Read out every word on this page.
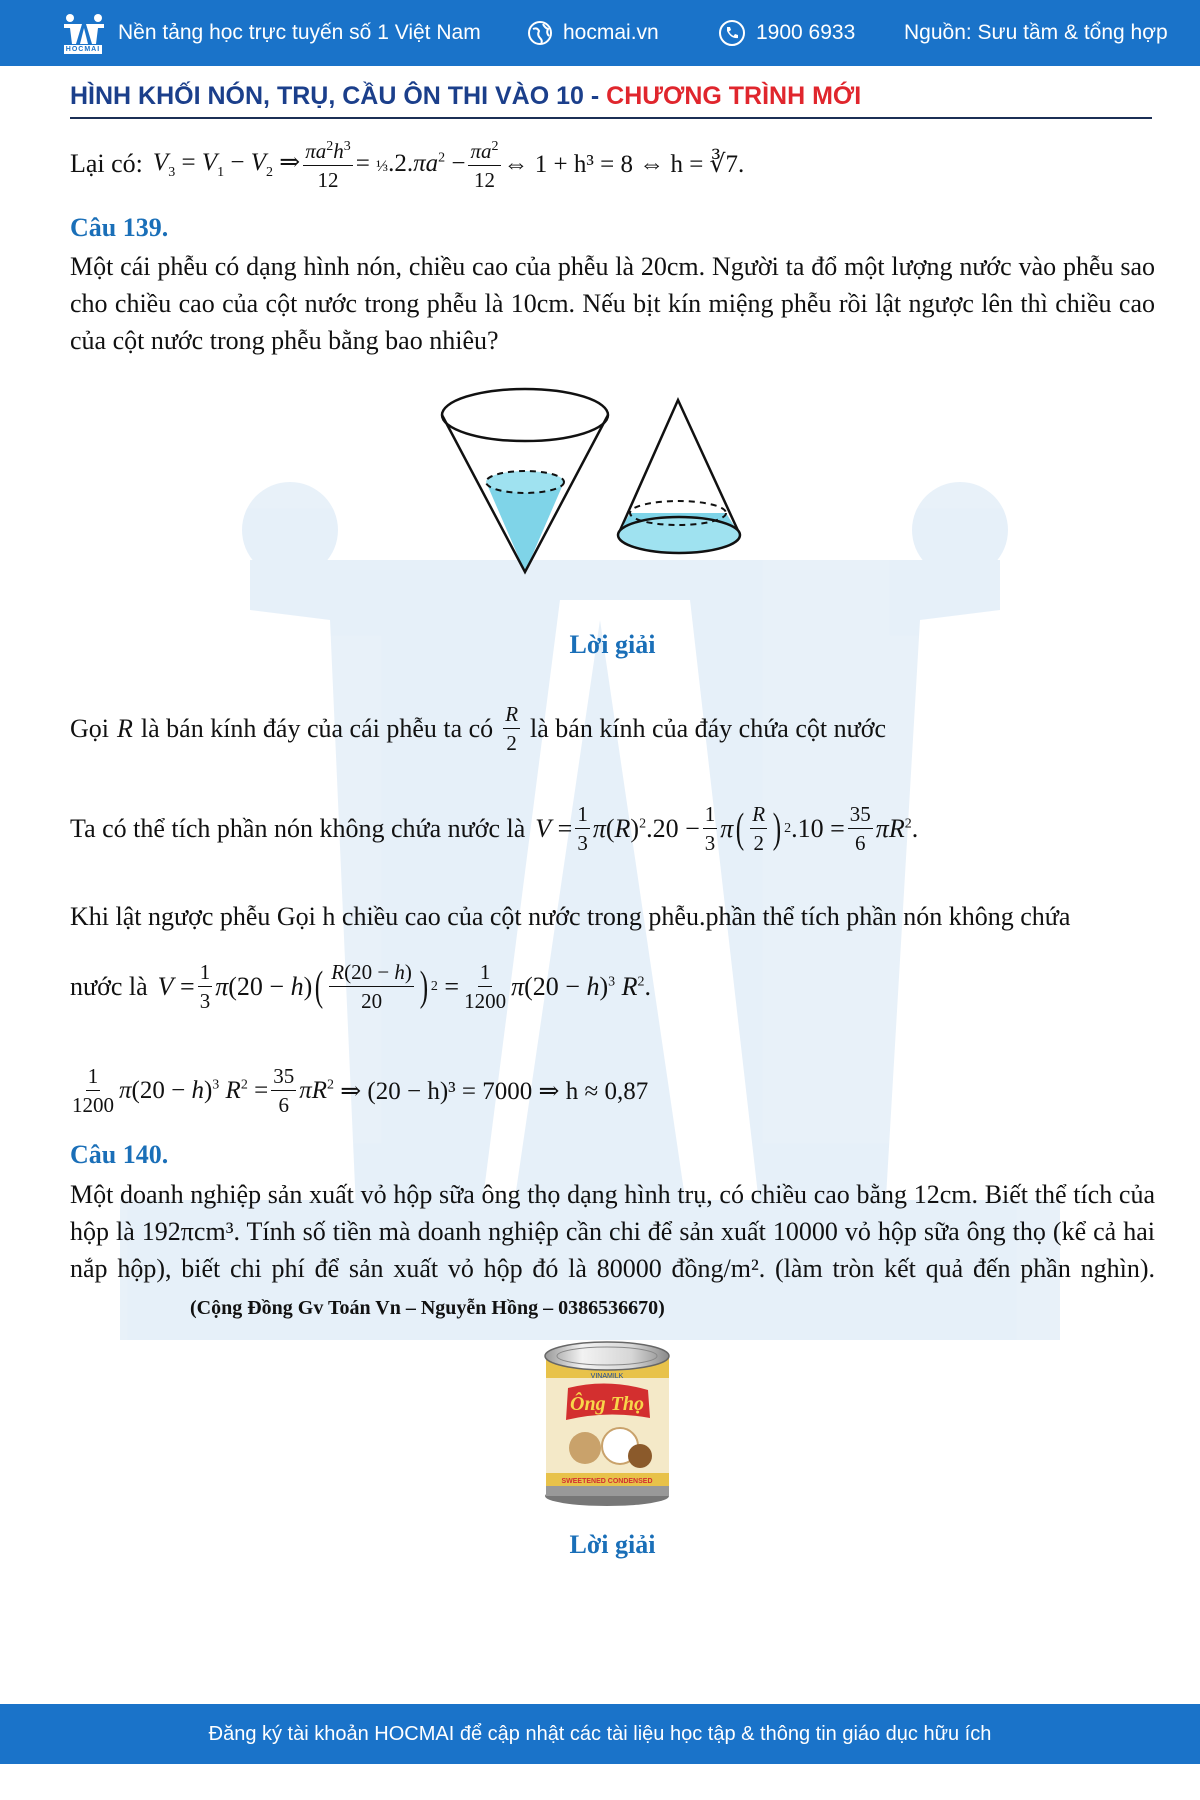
HOCMAI
Nền tảng học trực tuyến số 1 Việt Nam	hocmai.vn	1900 6933 Nguồn: Sưu tầm & tổng hợp
HÌNH KHỐI NÓN, TRỤ, CẦU ÔN THI VÀO 10 - CHƯƠNG TRÌNH MỚI
Lại có: $V_3 = V_1 - V_2$ ⇒ $\frac{\pi a^2h^3}{12}$ = $\frac{1}{3}.2.\pi a^2 - \frac{\pi a^2}{12}$ ⇔ 1 + h³ = 8 ⇔ h = ∛7.
Câu 139.
Một cái phễu có dạng hình nón, chiều cao của phễu là 20cm. Người ta đổ một lượng nước vào phễu sao cho chiều cao của cột nước trong phễu là 10cm. Nếu bịt kín miệng phễu rồi lật ngược lên thì chiều cao của cột nước trong phễu bằng bao nhiêu?
Lời giải
Gọi R là bán kính đáy của cái phễu ta có $\frac{R}{2}$ là bán kính của đáy chứa cột nước
Ta có thể tích phần nón không chứa nước là $V = \frac{1}{3} \pi(R)^2.20 - \frac{1}{3}$ π ( $\frac{R}{2}$ ) 2 $.10 = \frac{35}{6} \pi R^2$.
Khi lật ngược phễu Gọi h chiều cao của cột nước trong phễu.phần thể tích phần nón không chứa
nước là $V = \frac{1}{3} \pi(20 - h)$ ( $\frac{R(20 - h)}{20}$ ) $2 = \frac{1}{1200} \pi(20 - h)^3$ $R^2$.
$\frac{1}{1200} \pi(20 - h)^3$ $R^2 = \frac{35}{6} \pi R^2$ ⇒ (20 − h)³ = 7000 ⇒ h ≈ 0,87
Câu 140.
Một doanh nghiệp sản xuất vỏ hộp sữa ông thọ dạng hình trụ, có chiều cao bằng 12cm. Biết thể tích của hộp là 192πcm³. Tính số tiền mà doanh nghiệp cần chi để sản xuất 10000 vỏ hộp sữa ông thọ (kể cả hai nắp hộp), biết chi phí để sản xuất vỏ hộp đó là 80000 đồng/m². (làm tròn kết quả đến phần nghìn). (Cộng Đồng Gv Toán Vn – Nguyễn Hồng – 0386536670)
Ông Thọ
VINAMILK
SWEETENED CONDENSED
Lời giải
Đăng ký tài khoản HOCMAI để cập nhật các tài liệu học tập & thông tin giáo dục hữu ích
